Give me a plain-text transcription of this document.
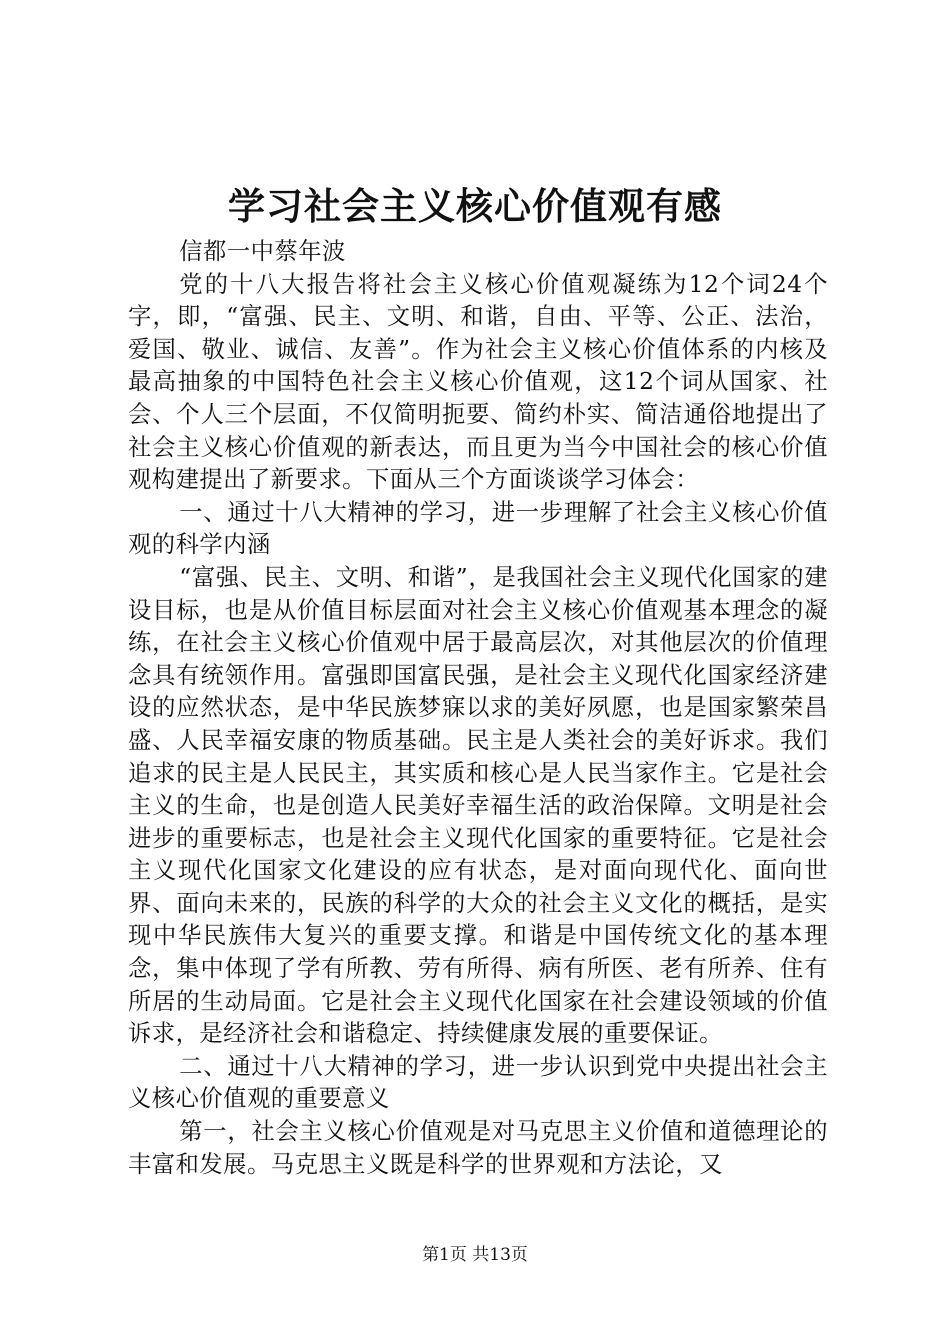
学习社会主义核心价值观有感

信都一中蔡年波

党的十八大报告将社会主义核心价值观凝练为12个词24个字，即，“富强、民主、文明、和谐，自由、平等、公正、法治，爱国、敬业、诚信、友善”。作为社会主义核心价值体系的内核及最高抽象的中国特色社会主义核心价值观，这12个词从国家、社会、个人三个层面，不仅简明扼要、简约朴实、简洁通俗地提出了社会主义核心价值观的新表达，而且更为当今中国社会的核心价值观构建提出了新要求。下面从三个方面谈谈学习体会：

一、通过十八大精神的学习，进一步理解了社会主义核心价值观的科学内涵

“富强、民主、文明、和谐”，是我国社会主义现代化国家的建设目标，也是从价值目标层面对社会主义核心价值观基本理念的凝练，在社会主义核心价值观中居于最高层次，对其他层次的价值理念具有统领作用。富强即国富民强，是社会主义现代化国家经济建设的应然状态，是中华民族梦寐以求的美好夙愿，也是国家繁荣昌盛、人民幸福安康的物质基础。民主是人类社会的美好诉求。我们追求的民主是人民民主，其实质和核心是人民当家作主。它是社会主义的生命，也是创造人民美好幸福生活的政治保障。文明是社会进步的重要标志，也是社会主义现代化国家的重要特征。它是社会主义现代化国家文化建设的应有状态，是对面向现代化、面向世界、面向未来的，民族的科学的大众的社会主义文化的概括，是实现中华民族伟大复兴的重要支撑。和谐是中国传统文化的基本理念，集中体现了学有所教、劳有所得、病有所医、老有所养、住有所居的生动局面。它是社会主义现代化国家在社会建设领域的价值诉求，是经济社会和谐稳定、持续健康发展的重要保证。

二、通过十八大精神的学习，进一步认识到党中央提出社会主义核心价值观的重要意义

第一，社会主义核心价值观是对马克思主义价值和道德理论的丰富和发展。马克思主义既是科学的世界观和方法论，又

第1页 共13页
